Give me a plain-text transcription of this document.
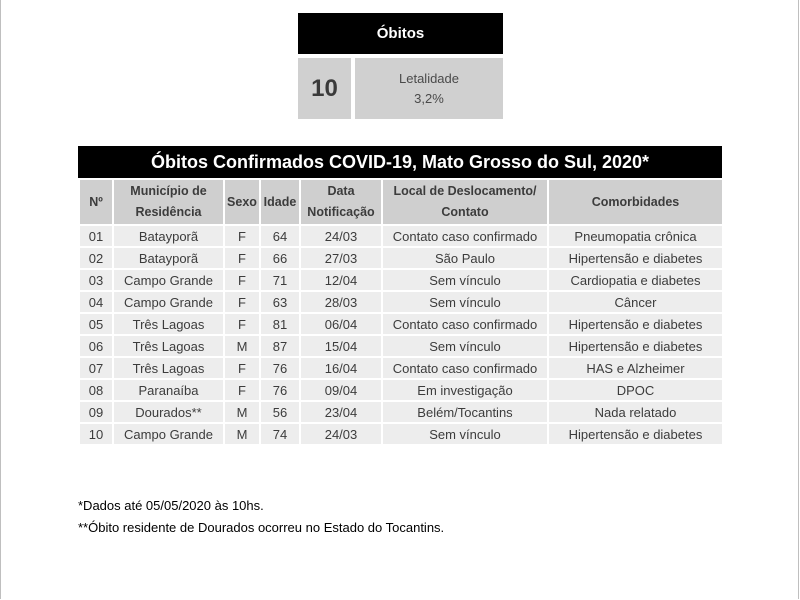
Óbitos
10	Letalidade
3,2%
Óbitos Confirmados COVID-19, Mato Grosso do Sul, 2020*
Nº	Município de Residência	Sexo	Idade	Data Notificação	Local de Deslocamento/ Contato	Comorbidades
01	Batayporã	F	64	24/03	Contato caso confirmado	Pneumopatia crônica
02	Batayporã	F	66	27/03	São Paulo	Hipertensão e diabetes
03	Campo Grande	F	71	12/04	Sem vínculo	Cardiopatia e diabetes
04	Campo Grande	F	63	28/03	Sem vínculo	Câncer
05	Três Lagoas	F	81	06/04	Contato caso confirmado	Hipertensão e diabetes
06	Três Lagoas	M	87	15/04	Sem vínculo	Hipertensão e diabetes
07	Três Lagoas	F	76	16/04	Contato caso confirmado	HAS e Alzheimer
08	Paranaíba	F	76	09/04	Em investigação	DPOC
09	Dourados**	M	56	23/04	Belém/Tocantins	Nada relatado
10	Campo Grande	M	74	24/03	Sem vínculo	Hipertensão e diabetes
*Dados até 05/05/2020 às 10hs.
**Óbito residente de Dourados ocorreu no Estado do Tocantins.
